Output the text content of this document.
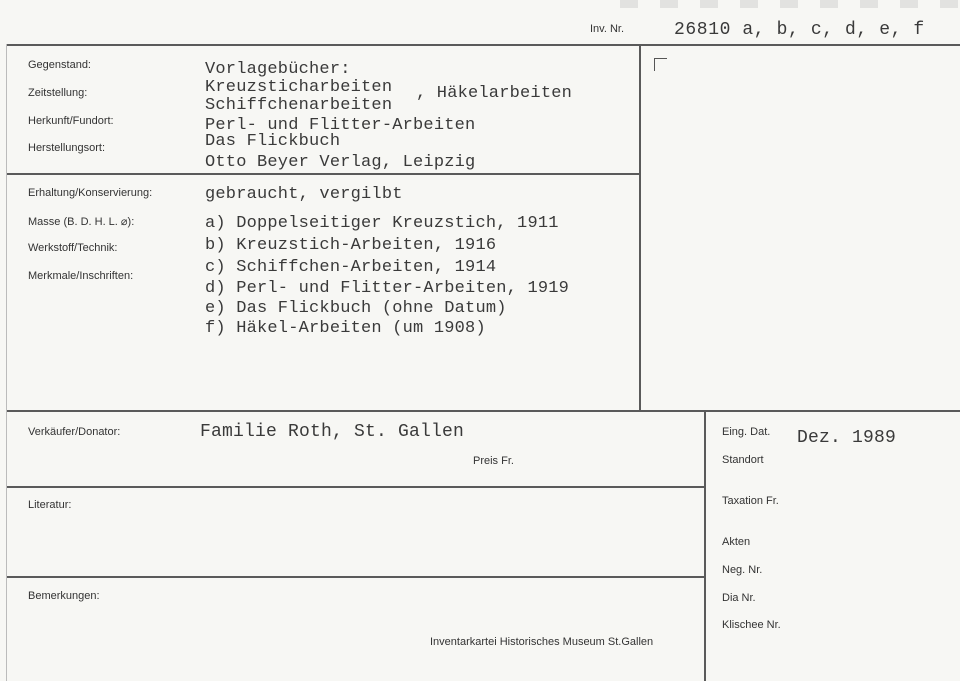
Inv. Nr.	26810 a, b, c, d, e, f
Gegenstand:
Zeitstellung:
Herkunft/Fundort:
Herstellungsort:
Vorlagebücher:
Kreuzsticharbeiten , Häkelarbeiten
Schiffchenarbeiten
Perl- und Flitter-Arbeiten
Das Flickbuch
Otto Beyer Verlag, Leipzig
Erhaltung/Konservierung:
Masse (B. D. H. L. ⌀):
Werkstoff/Technik:
Merkmale/Inschriften:
gebraucht, vergilbt
a) Doppelseitiger Kreuzstich, 1911
b) Kreuzstich-Arbeiten, 1916
c) Schiffchen-Arbeiten, 1914
d) Perl- und Flitter-Arbeiten, 1919
e) Das Flickbuch (ohne Datum)
f) Häkel-Arbeiten (um 1908)
Verkäufer/Donator:	Familie Roth, St. Gallen
Preis Fr.
Literatur:
Bemerkungen:
Inventarkartei Historisches Museum St.Gallen
Eing. Dat. Dez. 1989
Standort
Taxation Fr.
Akten
Neg. Nr.
Dia Nr.
Klischee Nr.
